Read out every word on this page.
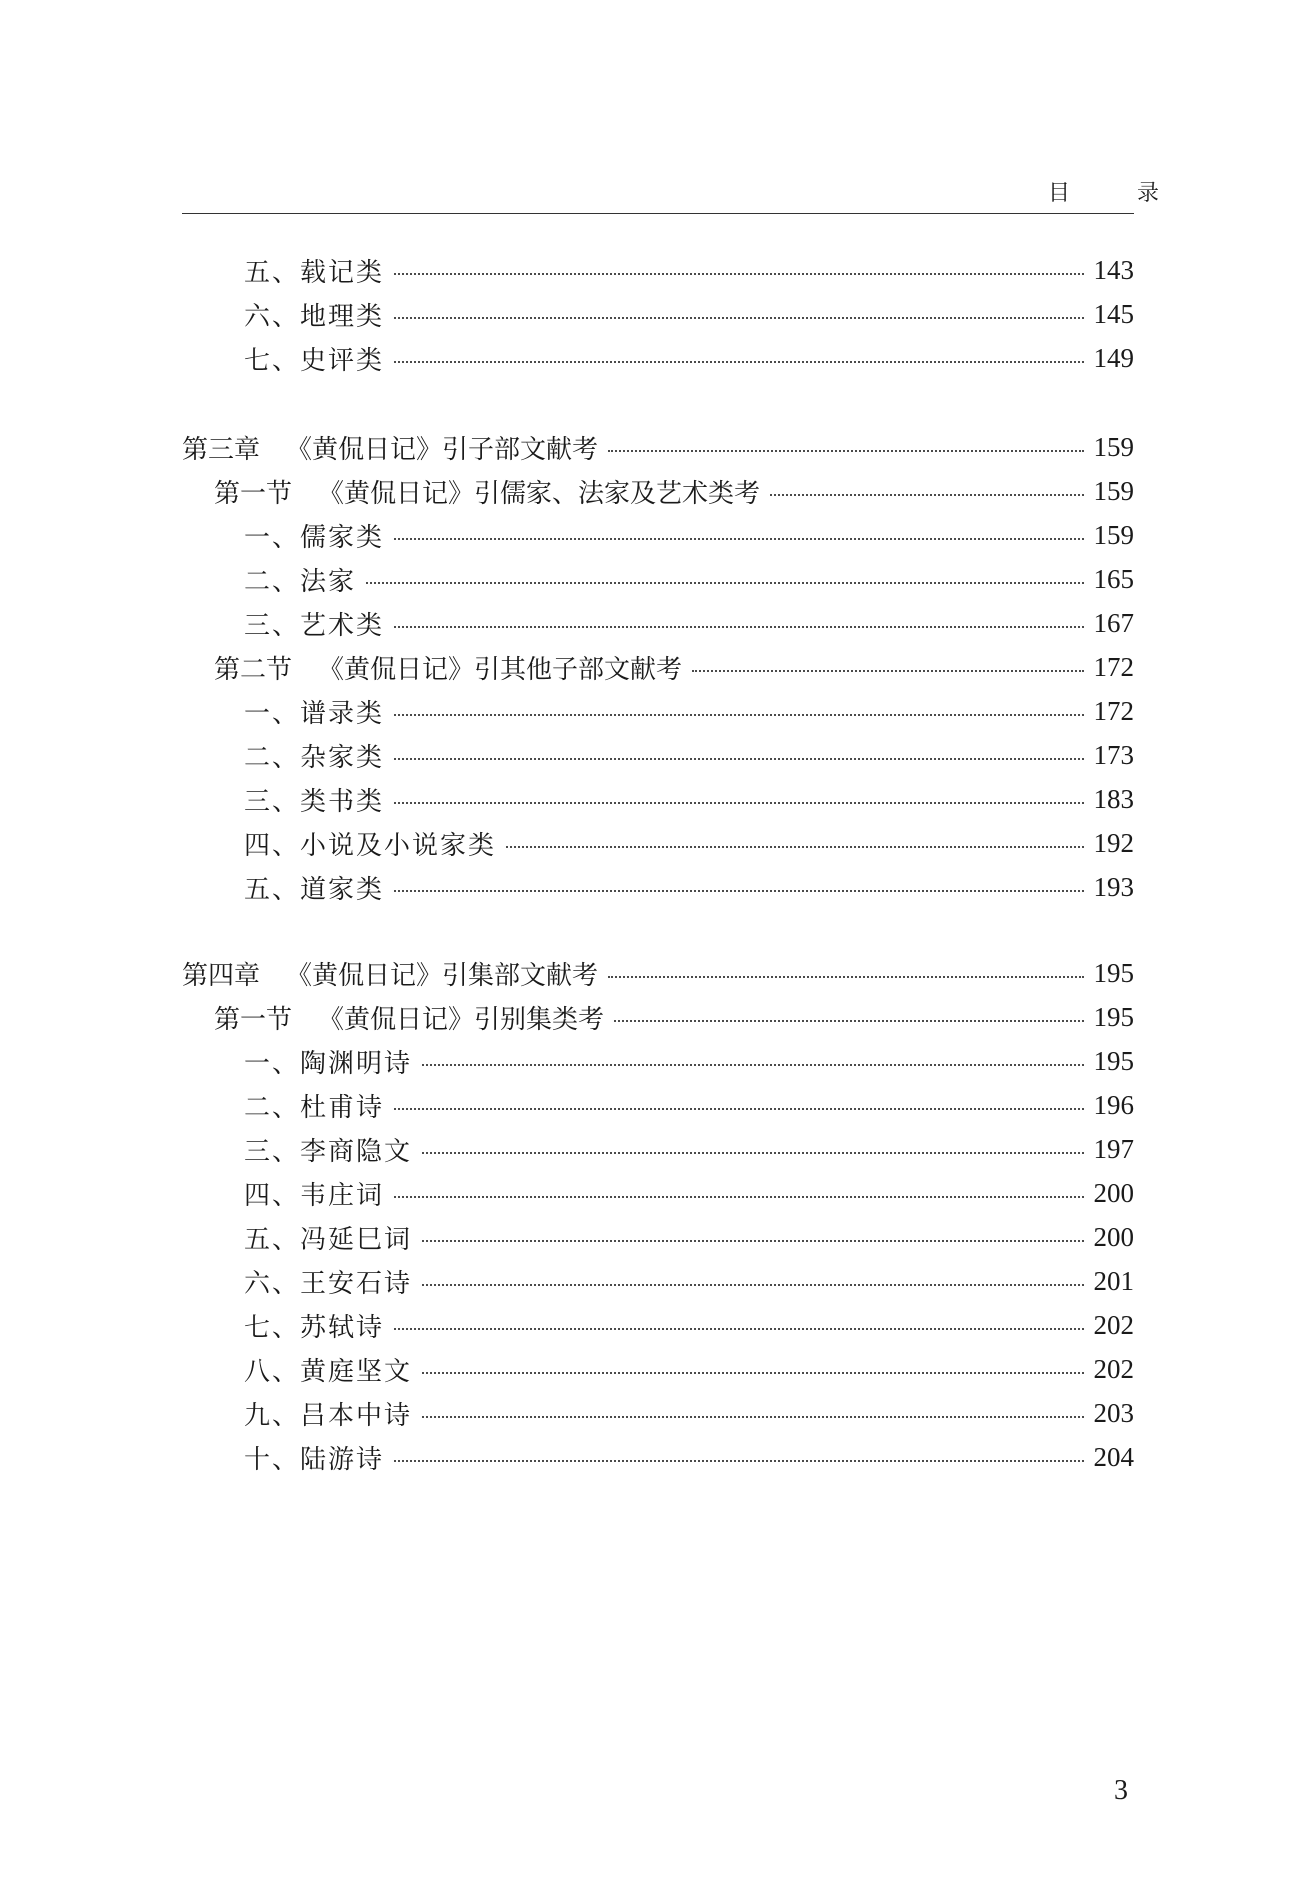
目 录
五、载记类	143
六、地理类	145
七、史评类	149
第三章 《黄侃日记》引子部文献考	159
第一节 《黄侃日记》引儒家、法家及艺术类考	159
一、儒家类	159
二、法家	165
三、艺术类	167
第二节 《黄侃日记》引其他子部文献考	172
一、谱录类	172
二、杂家类	173
三、类书类	183
四、小说及小说家类	192
五、道家类	193
第四章 《黄侃日记》引集部文献考	195
第一节 《黄侃日记》引别集类考	195
一、陶渊明诗	195
二、杜甫诗	196
三、李商隐文	197
四、韦庄词	200
五、冯延巳词	200
六、王安石诗	201
七、苏轼诗	202
八、黄庭坚文	202
九、吕本中诗	203
十、陆游诗	204
3
